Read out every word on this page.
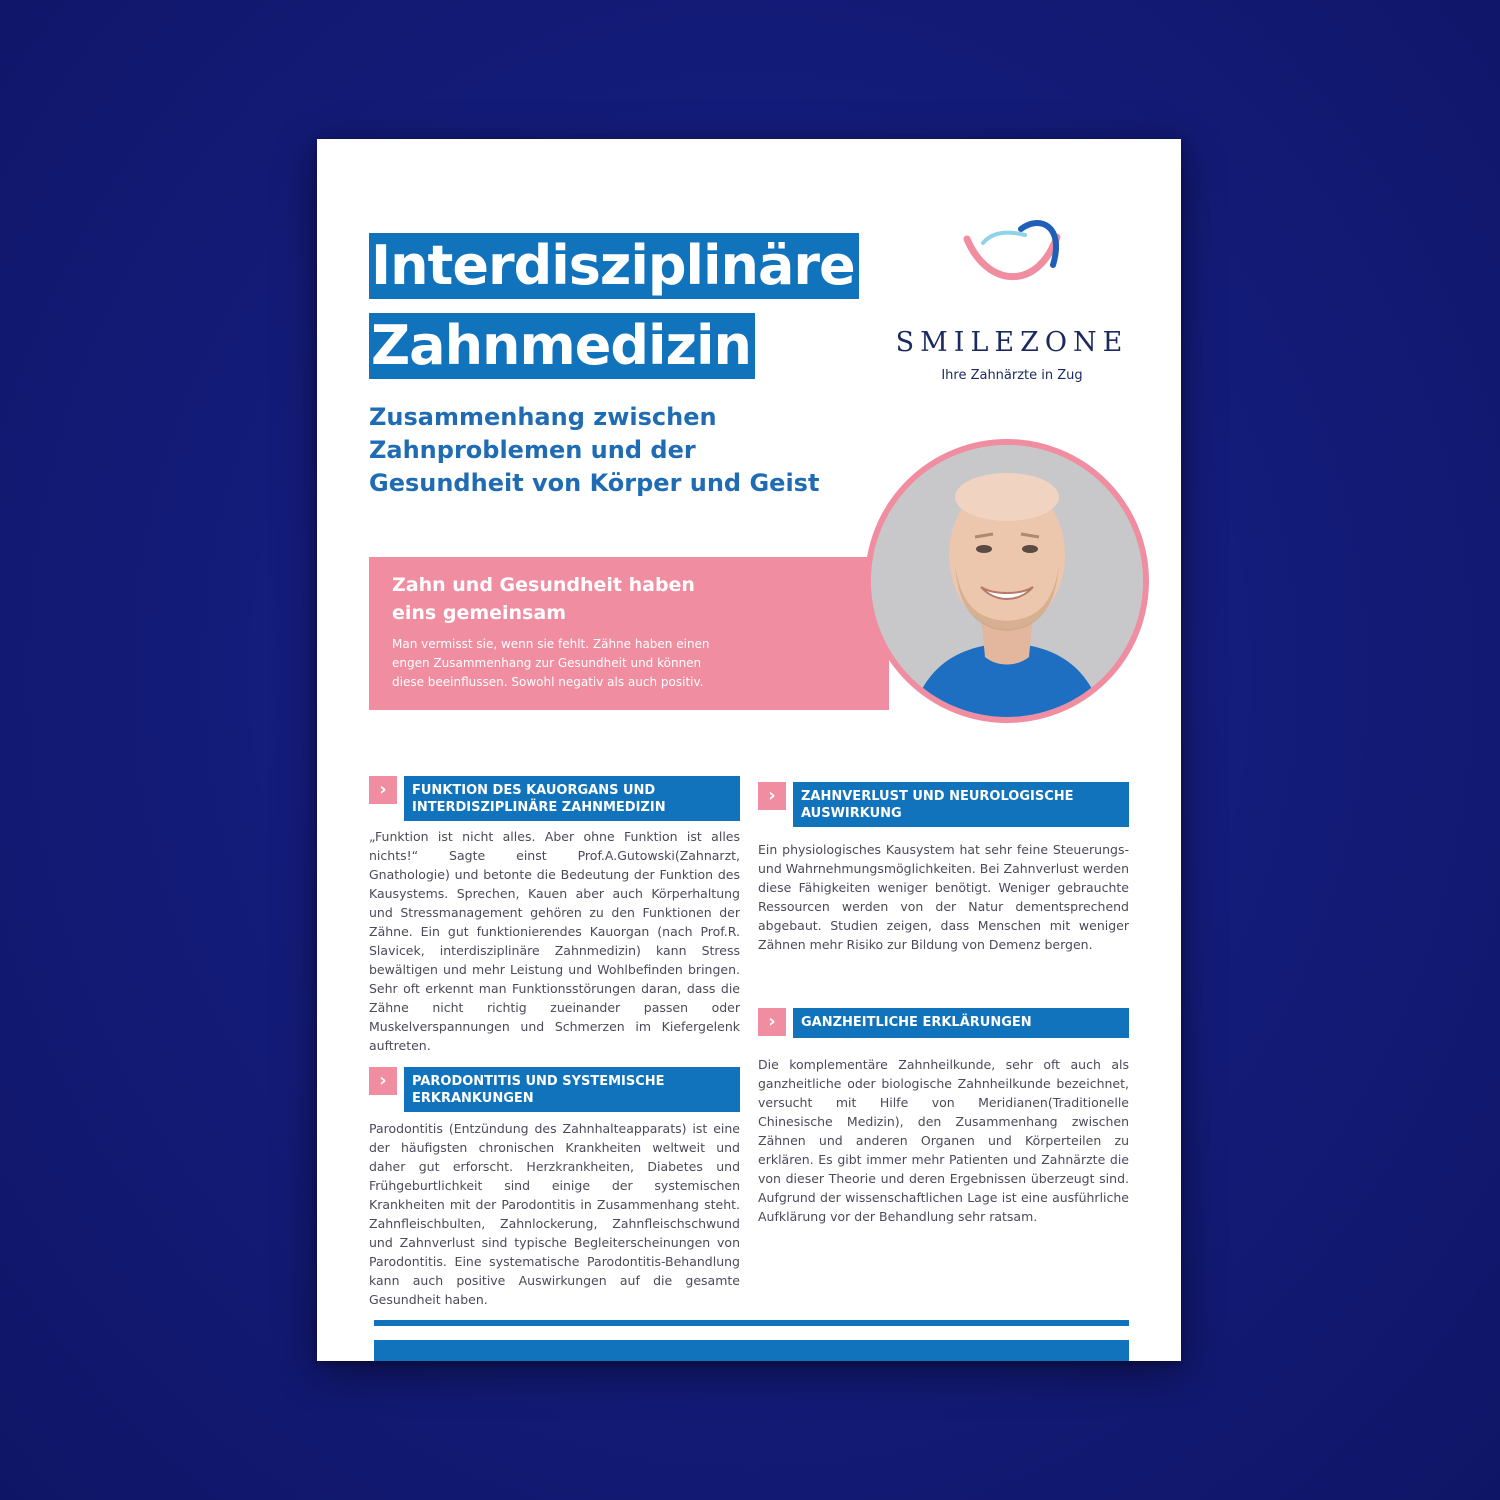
Interdisziplinäre
Zahnmedizin
Zusammenhang zwischen Zahnproblemen und der Gesundheit von Körper und Geist
SMILEZONE
Ihre Zahnärzte in Zug
Zahn und Gesundheit haben eins gemeinsam
Man vermisst sie, wenn sie fehlt. Zähne haben einen engen Zusammenhang zur Gesundheit und können diese beeinflussen. Sowohl negativ als auch positiv.
›	FUNKTION DES KAUORGANS UND INTERDISZIPLINÄRE ZAHNMEDIZIN
„Funktion ist nicht alles. Aber ohne Funktion ist alles nichts!“ Sagte einst Prof.A.Gutowski(Zahnarzt, Gnathologie) und betonte die Bedeutung der Funktion des Kausystems. Sprechen, Kauen aber auch Körperhaltung und Stressmanagement gehören zu den Funktionen der Zähne. Ein gut funktionierendes Kauorgan (nach Prof.R. Slavicek, interdisziplinäre Zahnmedizin) kann Stress bewältigen und mehr Leistung und Wohlbefinden bringen. Sehr oft erkennt man Funktionsstörungen daran, dass die Zähne nicht richtig zueinander passen oder Muskelverspannungen und Schmerzen im Kiefergelenk auftreten.
›	PARODONTITIS UND SYSTEMISCHE ERKRANKUNGEN
Parodontitis (Entzündung des Zahnhalteapparats) ist eine der häufigsten chronischen Krankheiten weltweit und daher gut erforscht. Herzkrankheiten, Diabetes und Frühgeburtlichkeit sind einige der systemischen Krankheiten mit der Parodontitis in Zusammenhang steht. Zahnfleischbulten, Zahnlockerung, Zahnfleischschwund und Zahnverlust sind typische Begleiterscheinungen von Parodontitis. Eine systematische Parodontitis-Behandlung kann auch positive Auswirkungen auf die gesamte Gesundheit haben.
›	ZAHNVERLUST UND NEUROLOGISCHE AUSWIRKUNG
Ein physiologisches Kausystem hat sehr feine Steuerungs- und Wahrnehmungsmöglichkeiten. Bei Zahnverlust werden diese Fähigkeiten weniger benötigt. Weniger gebrauchte Ressourcen werden von der Natur dementsprechend abgebaut. Studien zeigen, dass Menschen mit weniger Zähnen mehr Risiko zur Bildung von Demenz bergen.
›	GANZHEITLICHE ERKLÄRUNGEN
Die komplementäre Zahnheilkunde, sehr oft auch als ganzheitliche oder biologische Zahnheilkunde bezeichnet, versucht mit Hilfe von Meridianen(Traditionelle Chinesische Medizin), den Zusammenhang zwischen Zähnen und anderen Organen und Körperteilen zu erklären. Es gibt immer mehr Patienten und Zahnärzte die von dieser Theorie und deren Ergebnissen überzeugt sind. Aufgrund der wissenschaftlichen Lage ist eine ausführliche Aufklärung vor der Behandlung sehr ratsam.
